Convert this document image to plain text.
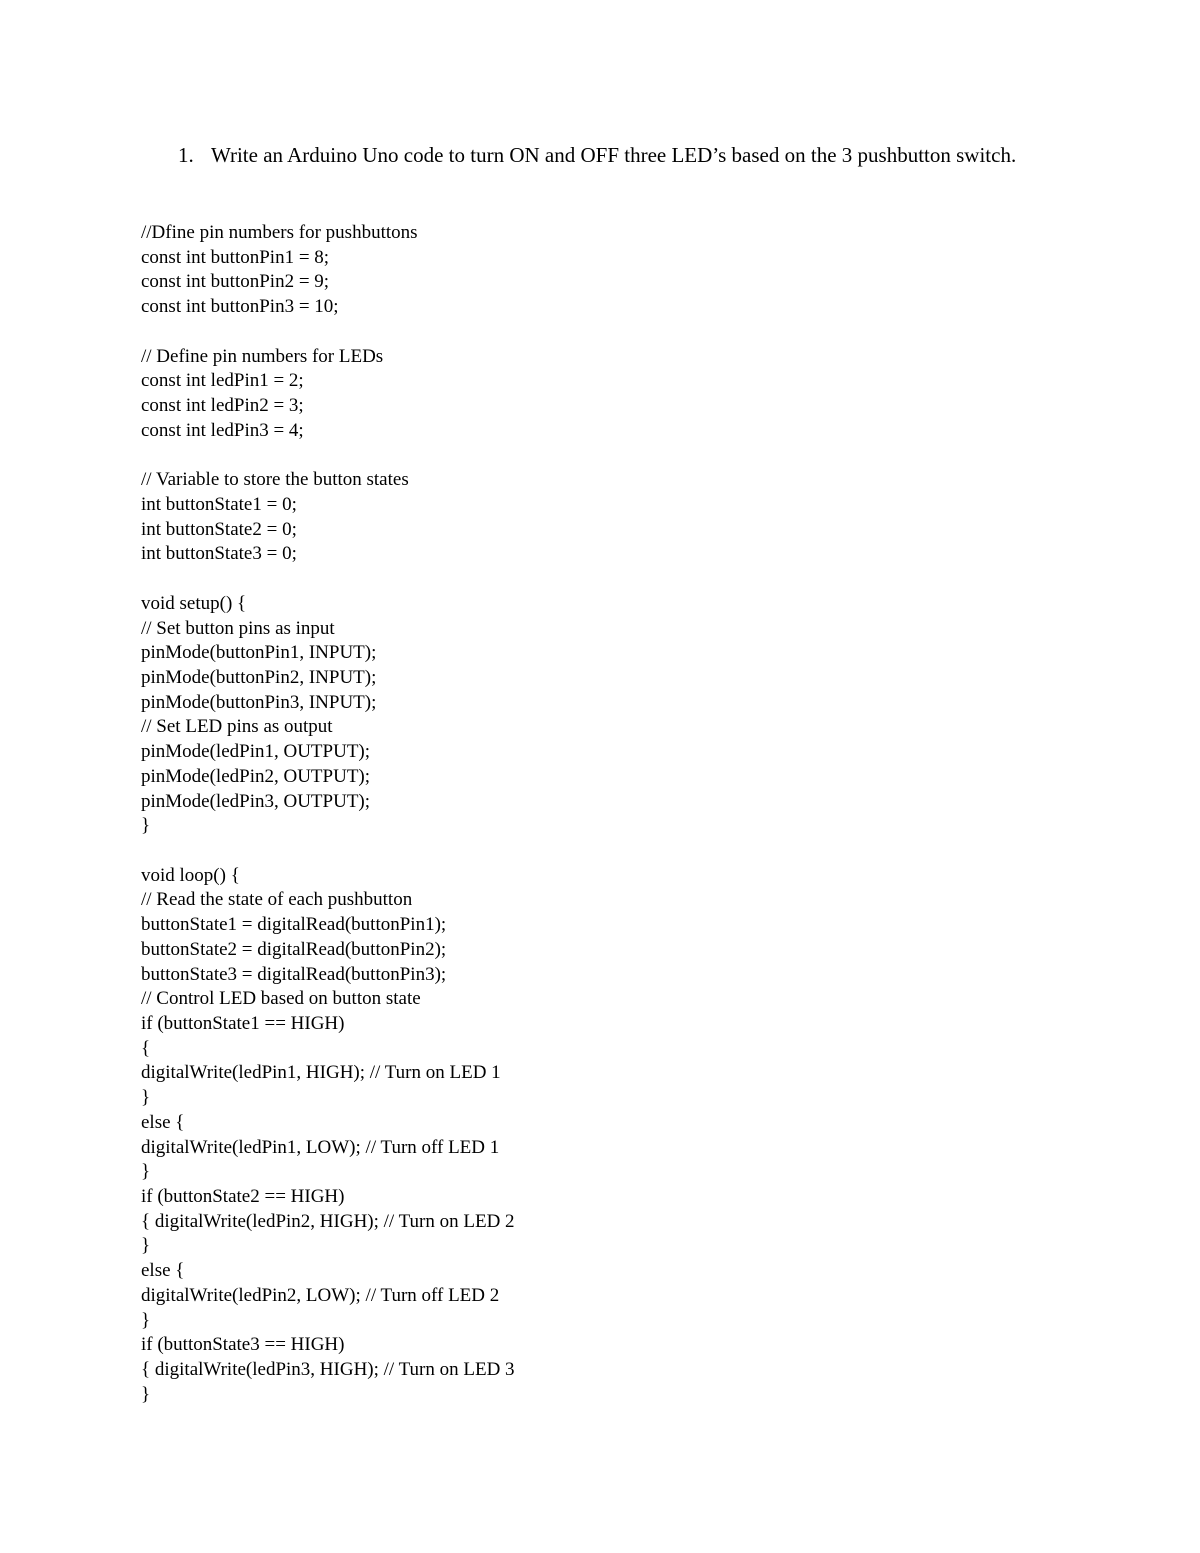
1. Write an Arduino Uno code to turn ON and OFF three LED’s based on the 3 pushbutton switch.
//Dfine pin numbers for pushbuttons
const int buttonPin1 = 8;
const int buttonPin2 = 9;
const int buttonPin3 = 10;
// Define pin numbers for LEDs
const int ledPin1 = 2;
const int ledPin2 = 3;
const int ledPin3 = 4;
// Variable to store the button states
int buttonState1 = 0;
int buttonState2 = 0;
int buttonState3 = 0;
void setup() {
// Set button pins as input
pinMode(buttonPin1, INPUT);
pinMode(buttonPin2, INPUT);
pinMode(buttonPin3, INPUT);
// Set LED pins as output
pinMode(ledPin1, OUTPUT);
pinMode(ledPin2, OUTPUT);
pinMode(ledPin3, OUTPUT);
}
void loop() {
// Read the state of each pushbutton
buttonState1 = digitalRead(buttonPin1);
buttonState2 = digitalRead(buttonPin2);
buttonState3 = digitalRead(buttonPin3);
// Control LED based on button state
if (buttonState1 == HIGH)
{
digitalWrite(ledPin1, HIGH); // Turn on LED 1
}
else {
digitalWrite(ledPin1, LOW); // Turn off LED 1
}
if (buttonState2 == HIGH)
{ digitalWrite(ledPin2, HIGH); // Turn on LED 2
}
else {
digitalWrite(ledPin2, LOW); // Turn off LED 2
}
if (buttonState3 == HIGH)
{ digitalWrite(ledPin3, HIGH); // Turn on LED 3
}
